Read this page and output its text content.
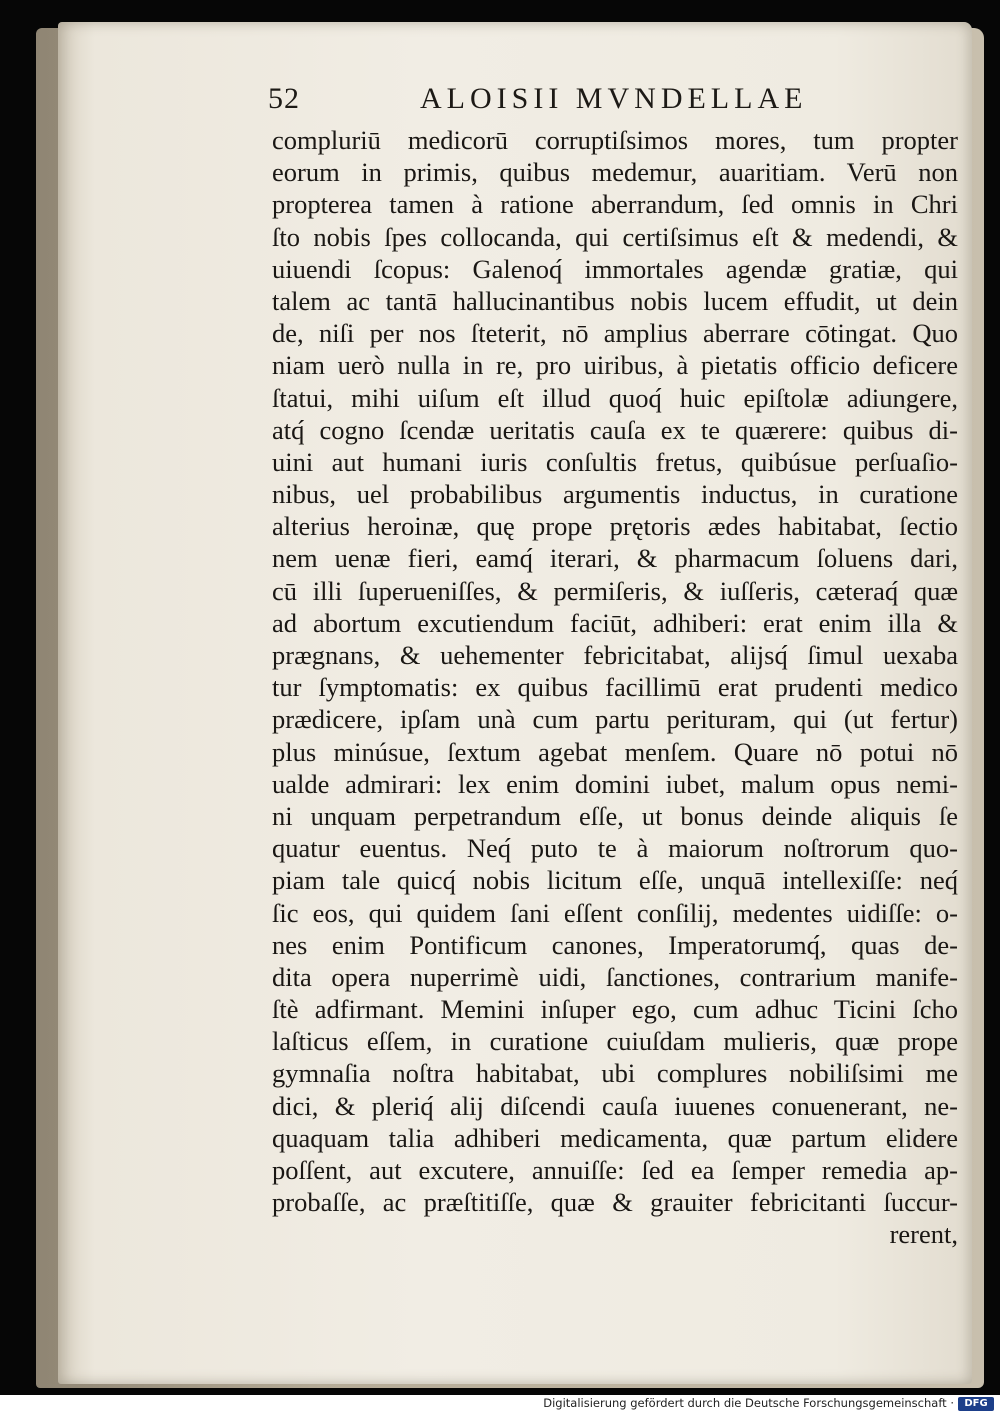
52	ALOISII MVNDELLAE
compluriū medicorū corruptiſsimos mores, tum propter
eorum in primis, quibus medemur, auaritiam. Verū non
propterea tamen à ratione aberrandum, ſed omnis in Chri
ſto nobis ſpes collocanda, qui certiſsimus eſt & medendi, &
uiuendi ſcopus: Galenoq́ immortales agendæ gratiæ, qui
talem ac tantā hallucinantibus nobis lucem effudit, ut dein
de, niſi per nos ſteterit, nō amplius aberrare cōtingat. Quo
niam uerò nulla in re, pro uiribus, à pietatis officio deficere
ſtatui, mihi uiſum eſt illud quoq́ huic epiſtolæ adiungere,
atq́ cogno ſcendæ ueritatis cauſa ex te quærere: quibus di-
uini aut humani iuris conſultis fretus, quibúsue perſuaſio-
nibus, uel probabilibus argumentis inductus, in curatione
alterius heroinæ, quę prope prętoris ædes habitabat, ſectio
nem uenæ fieri, eamq́ iterari, & pharmacum ſoluens dari,
cū illi ſuperueniſſes, & permiſeris, & iuſſeris, cæteraq́ quæ
ad abortum excutiendum faciūt, adhiberi: erat enim illa &
prægnans, & uehementer febricitabat, alijsq́ ſimul uexaba
tur ſymptomatis: ex quibus facillimū erat prudenti medico
prædicere, ipſam unà cum partu perituram, qui (ut fertur)
plus minúsue, ſextum agebat menſem. Quare nō potui nō
ualde admirari: lex enim domini iubet, malum opus nemi-
ni unquam perpetrandum eſſe, ut bonus deinde aliquis ſe
quatur euentus. Neq́ puto te à maiorum noſtrorum quo-
piam tale quicq́ nobis licitum eſſe, unquā intellexiſſe: neq́
ſic eos, qui quidem ſani eſſent conſilij, medentes uidiſſe: o-
nes enim Pontificum canones, Imperatorumq́, quas de-
dita opera nuperrimè uidi, ſanctiones, contrarium manife-
ſtè adfirmant. Memini inſuper ego, cum adhuc Ticini ſcho
laſticus eſſem, in curatione cuiuſdam mulieris, quæ prope
gymnaſia noſtra habitabat, ubi complures nobiliſsimi me
dici, & pleriq́ alij diſcendi cauſa iuuenes conuenerant, ne-
quaquam talia adhiberi medicamenta, quæ partum elidere
poſſent, aut excutere, annuiſſe: ſed ea ſemper remedia ap-
probaſſe, ac præſtitiſſe, quæ & grauiter febricitanti ſuccur-
rerent,
Digitalisierung gefördert durch die Deutsche Forschungsgemeinschaft ·	DFG
